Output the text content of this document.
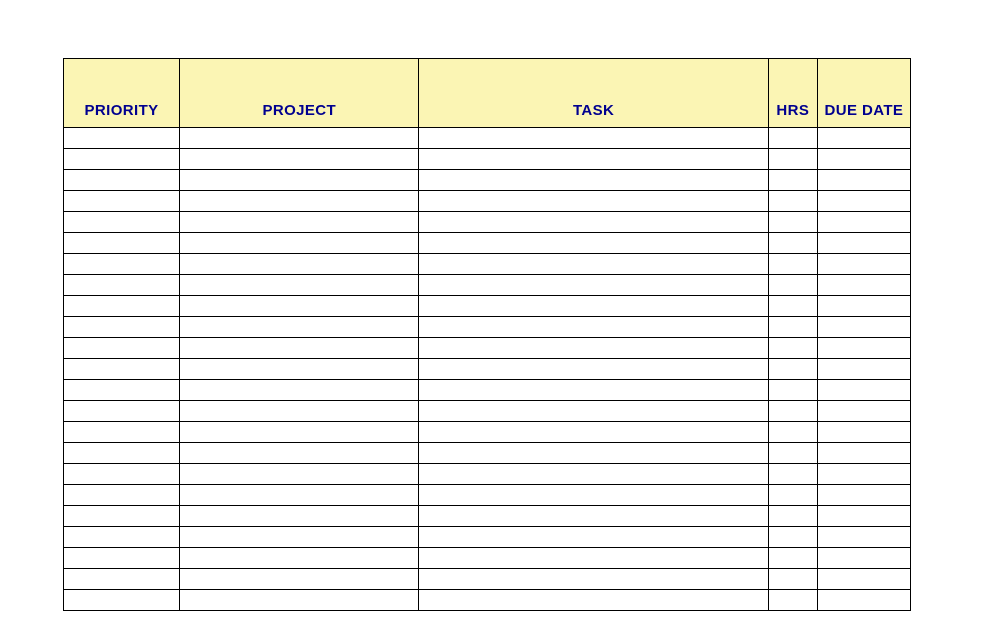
PRIORITY	PROJECT	TASK	HRS	DUE DATE
